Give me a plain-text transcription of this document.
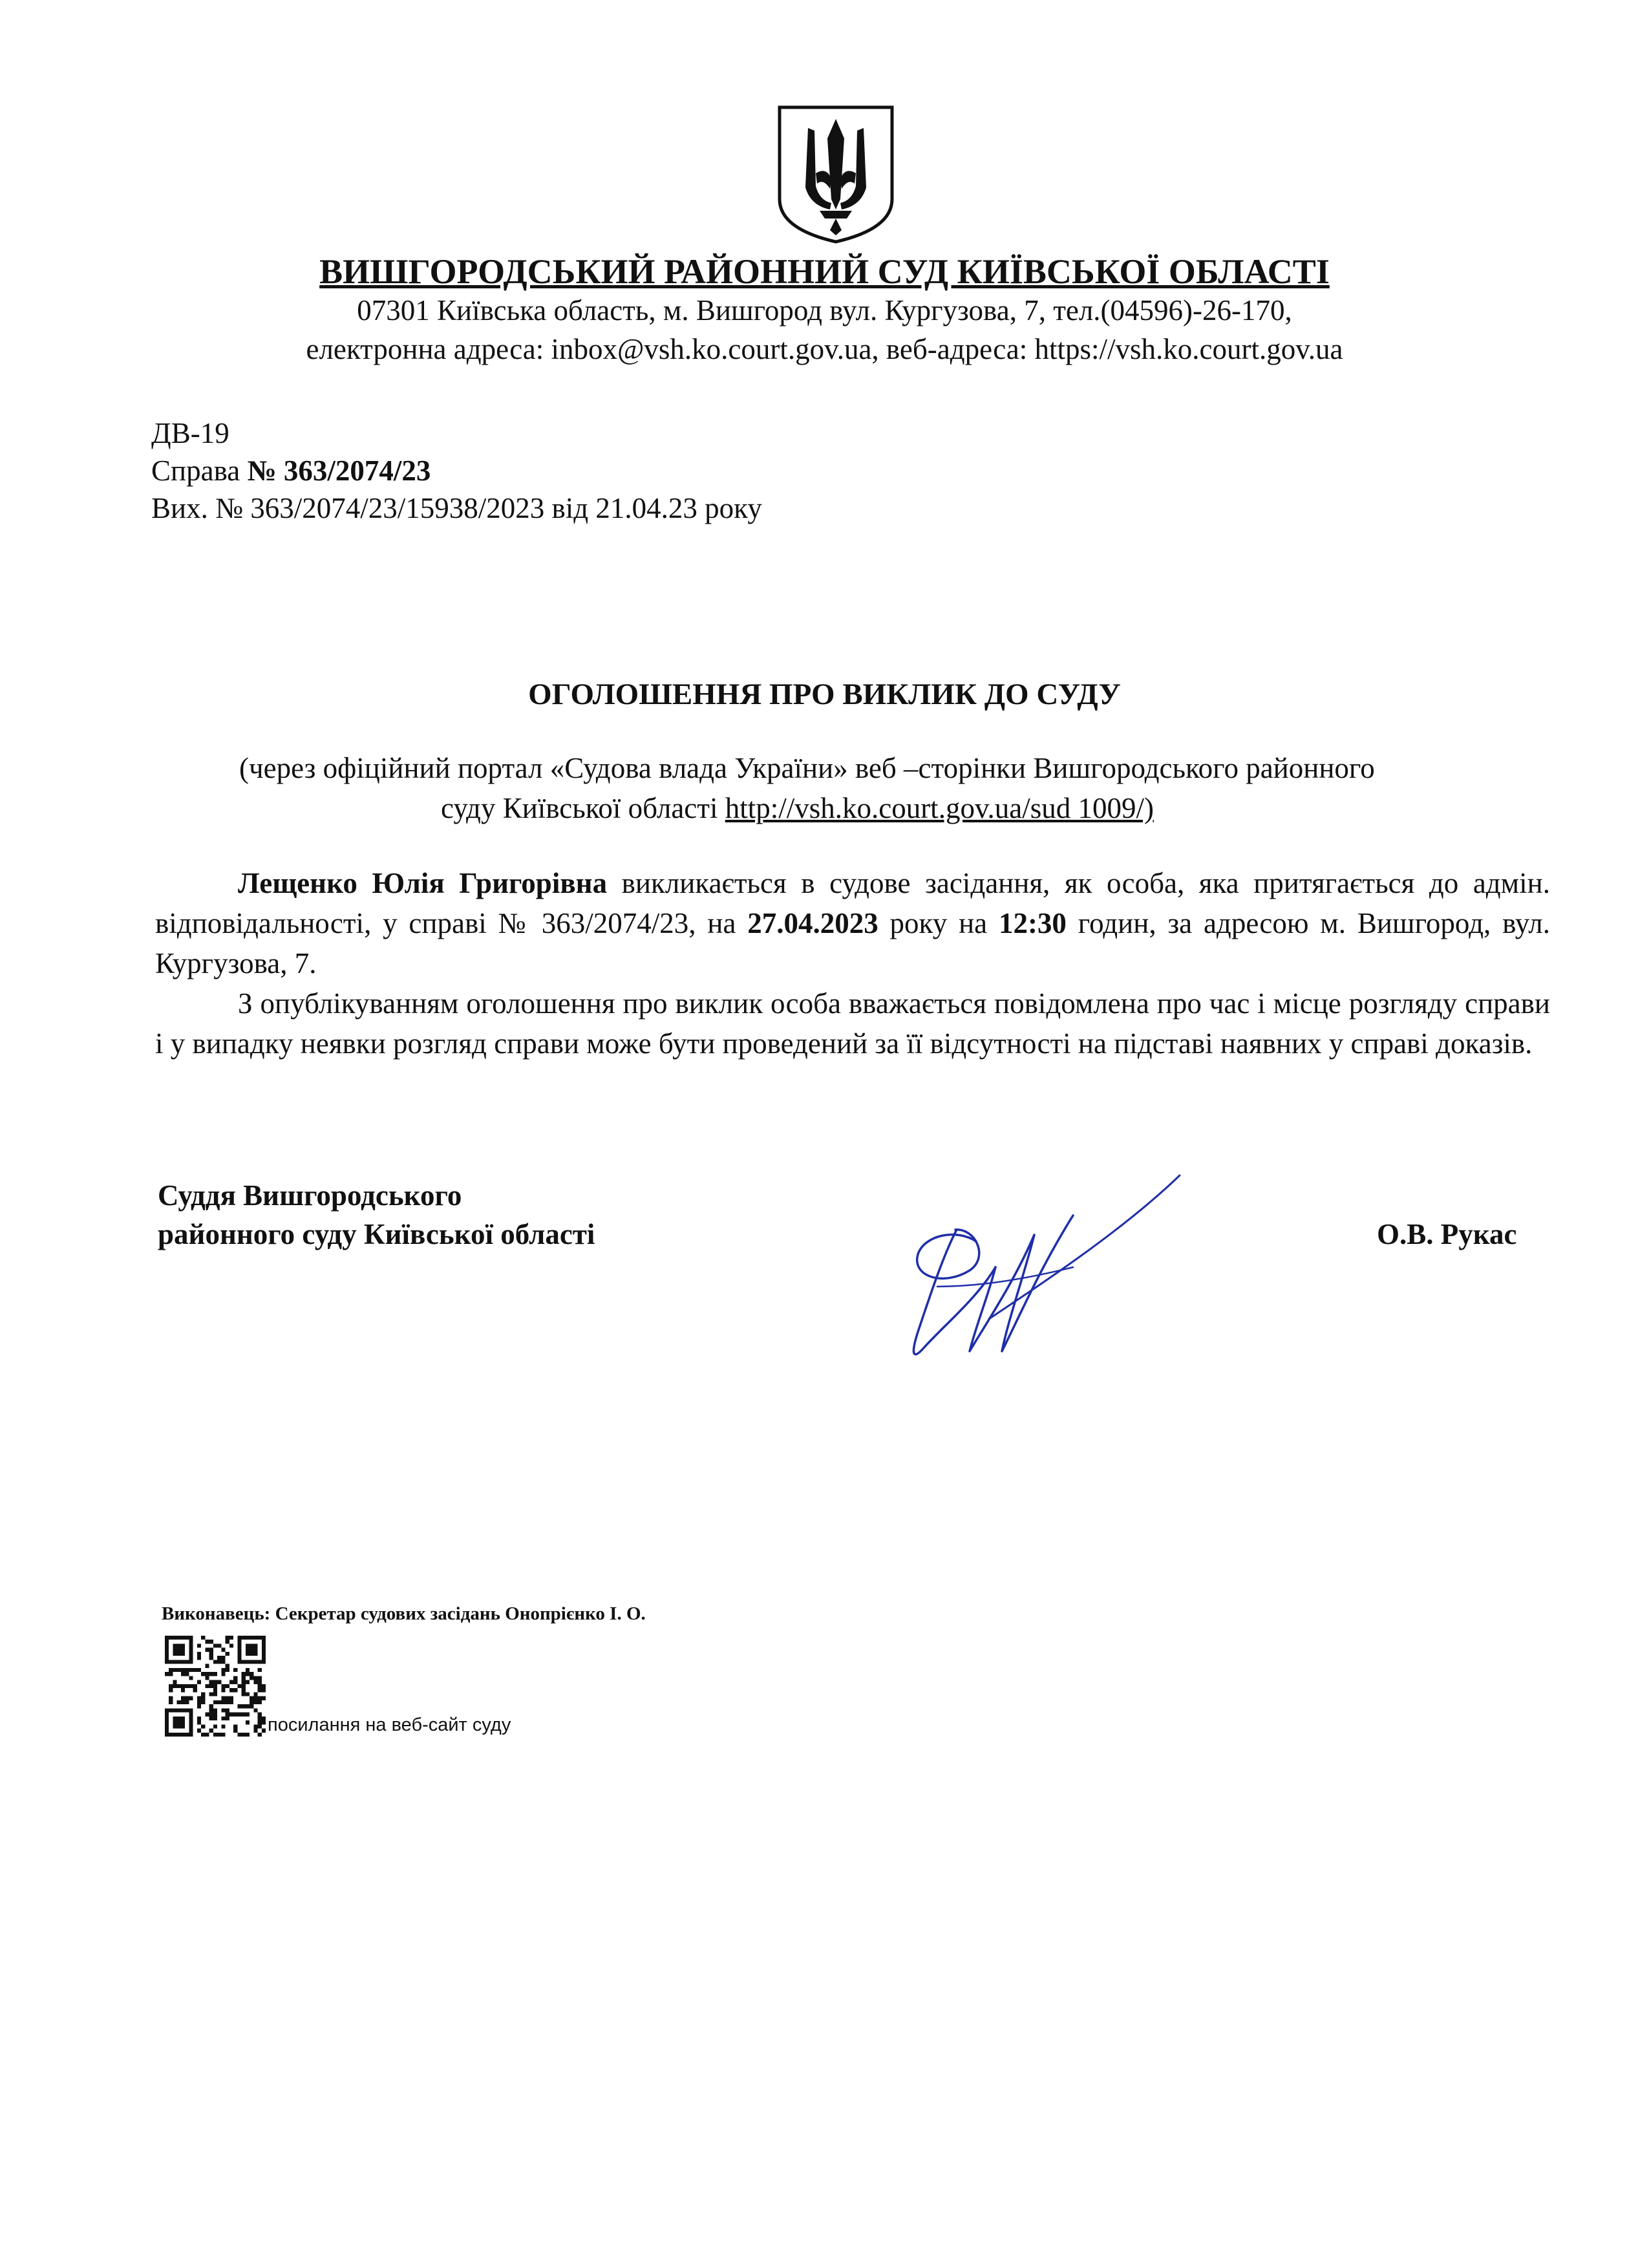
ВИШГОРОДСЬКИЙ РАЙОННИЙ СУД КИЇВСЬКОЇ ОБЛАСТІ
07301 Київська область, м. Вишгород вул. Кургузова, 7, тел.(04596)-26-170,
електронна адреса: inbox@vsh.ko.court.gov.ua, веб-адреса: https://vsh.ko.court.gov.ua
ДВ-19
Справа № 363/2074/23
Вих. № 363/2074/23/15938/2023 від 21.04.23 року
ОГОЛОШЕННЯ ПРО ВИКЛИК ДО СУДУ
(через офіційний портал «Судова влада України» веб –сторінки Вишгородського районного
суду Київської області http://vsh.ko.court.gov.ua/sud 1009/)
Лещенко Юлія Григорівна викликається в судове засідання, як особа, яка притягається до адмін. відповідальності, у справі № 363/2074/23, на 27.04.2023 року на 12:30 годин, за адресою м. Вишгород, вул. Кургузова, 7.
З опублікуванням оголошення про виклик особа вважається повідомлена про час і місце розгляду справи і у випадку неявки розгляд справи може бути проведений за її відсутності на підставі наявних у справі доказів.
Суддя Вишгородського
районного суду Київської області	О.В. Рукас
Виконавець: Секретар судових засідань Онопрієнко І. О.
посилання на веб-сайт суду
